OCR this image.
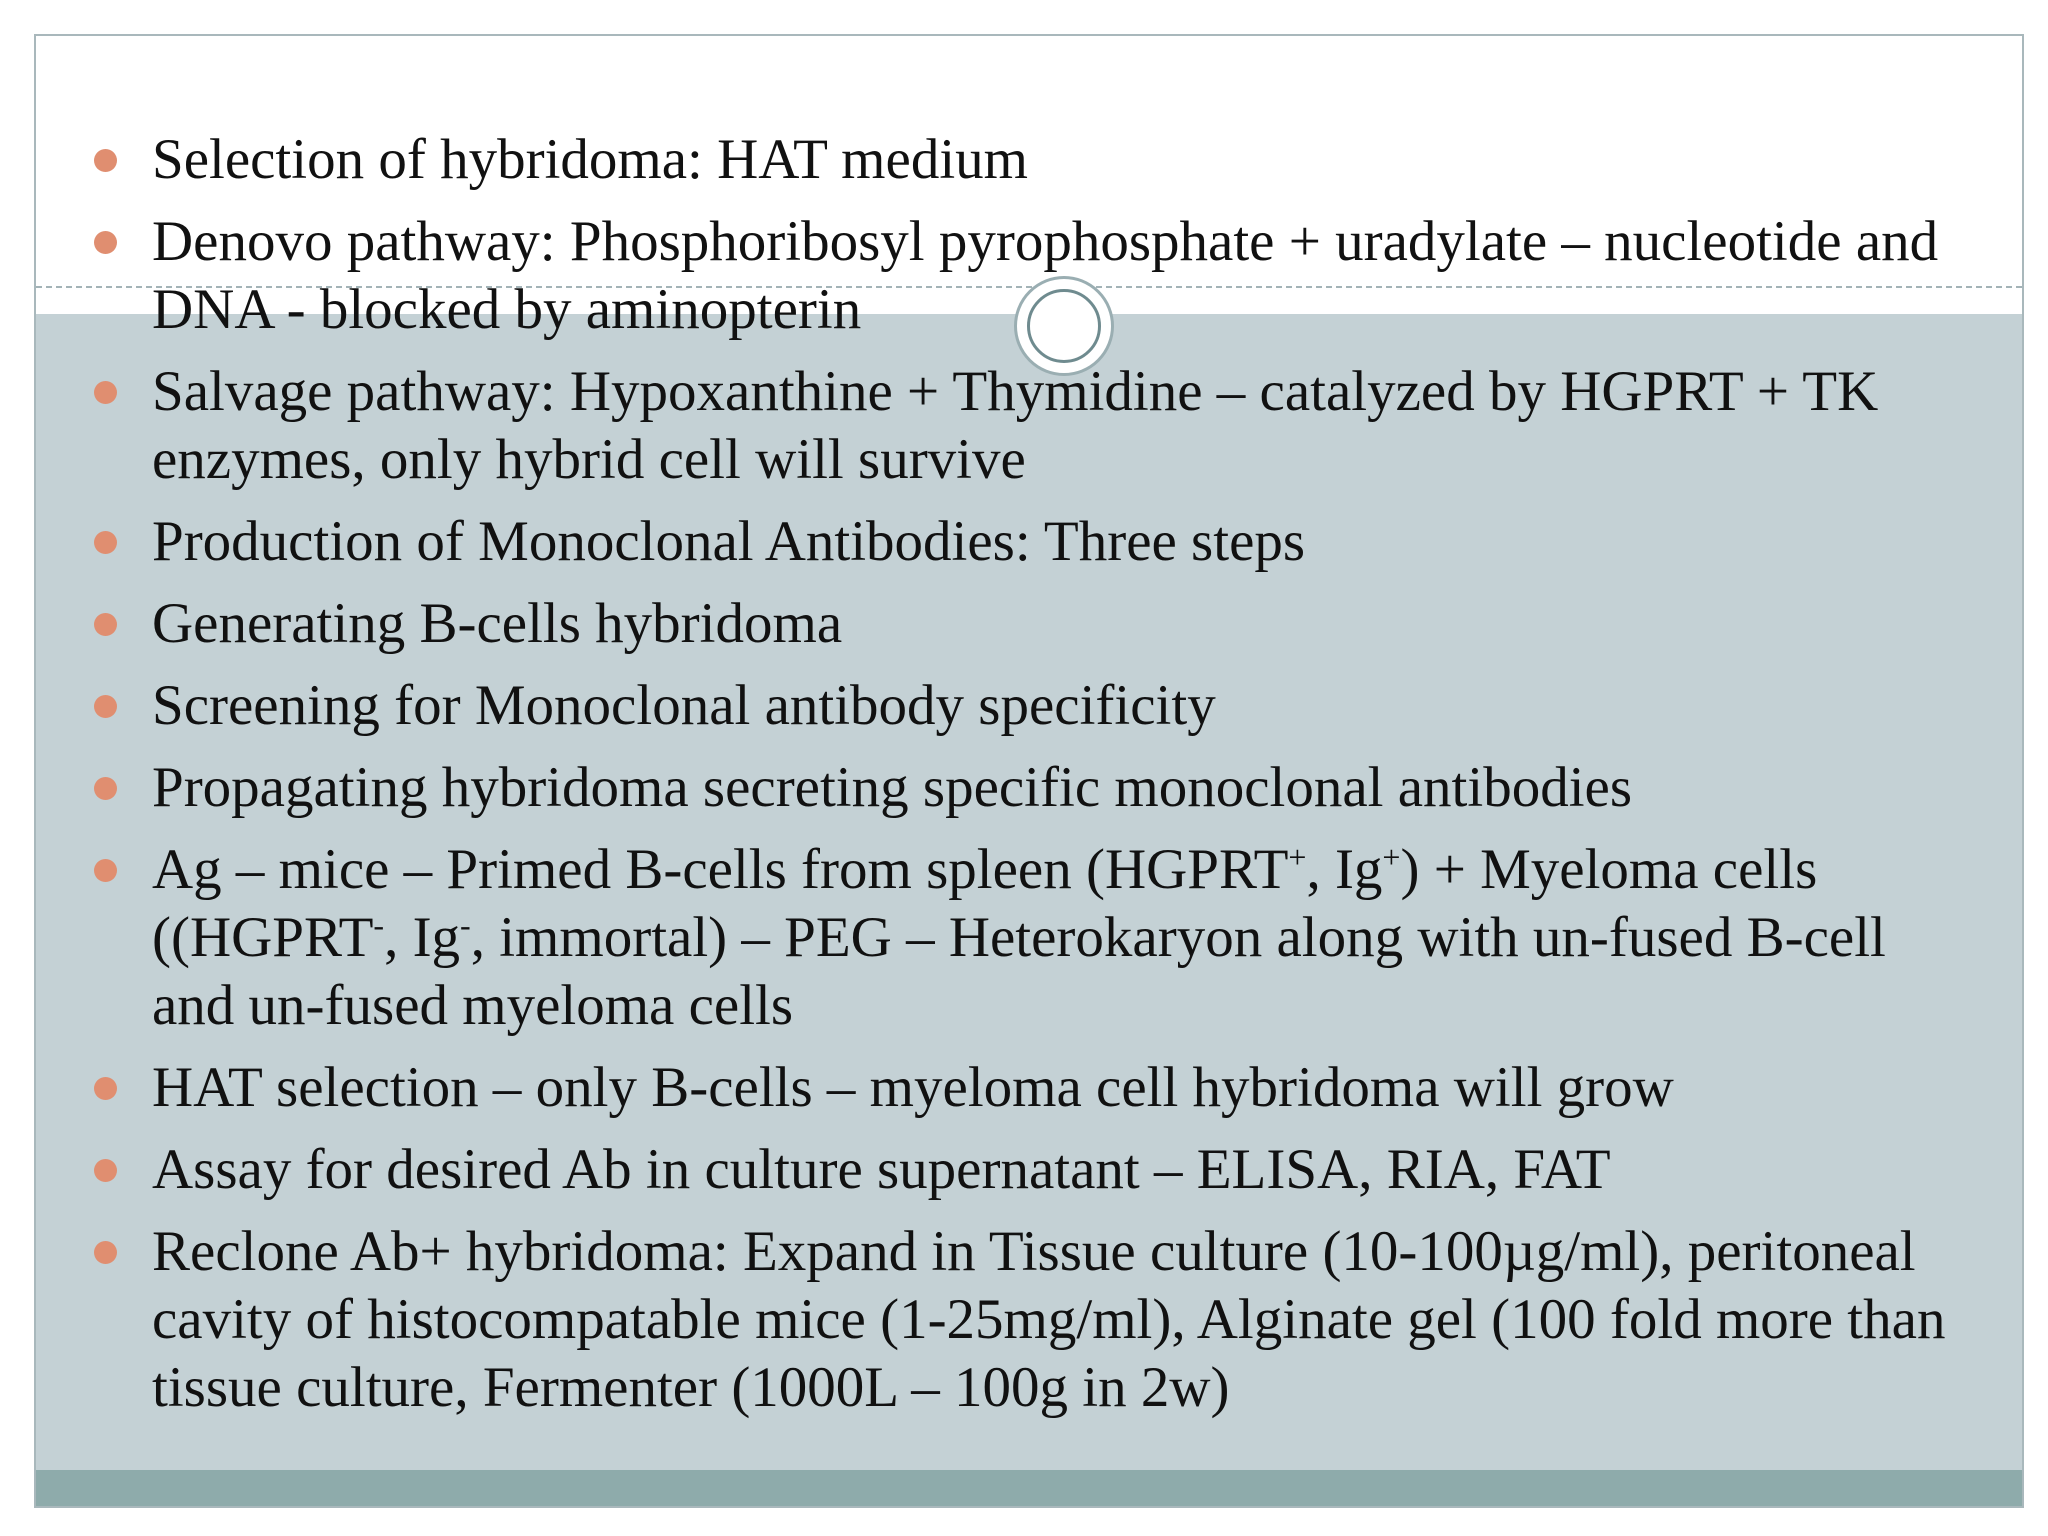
Selection of hybridoma: HAT medium
Denovo pathway: Phosphoribosyl pyrophosphate + uradylate – nucleotide and DNA - blocked by aminopterin
Salvage pathway: Hypoxanthine + Thymidine – catalyzed by HGPRT + TK enzymes, only hybrid cell will survive
Production of Monoclonal Antibodies: Three steps
Generating B-cells hybridoma
Screening for Monoclonal antibody specificity
Propagating hybridoma secreting specific monoclonal antibodies
Ag – mice – Primed B-cells from spleen (HGPRT+, Ig+) + Myeloma cells ((HGPRT-, Ig-, immortal) – PEG – Heterokaryon along with un-fused B-cell and un-fused myeloma cells
HAT selection – only B-cells – myeloma cell hybridoma will grow
Assay for desired Ab in culture supernatant – ELISA, RIA, FAT
Reclone Ab+ hybridoma: Expand in Tissue culture (10-100µg/ml), peritoneal cavity of histocompatable mice (1-25mg/ml), Alginate gel (100 fold more than tissue culture, Fermenter (1000L – 100g in 2w)
